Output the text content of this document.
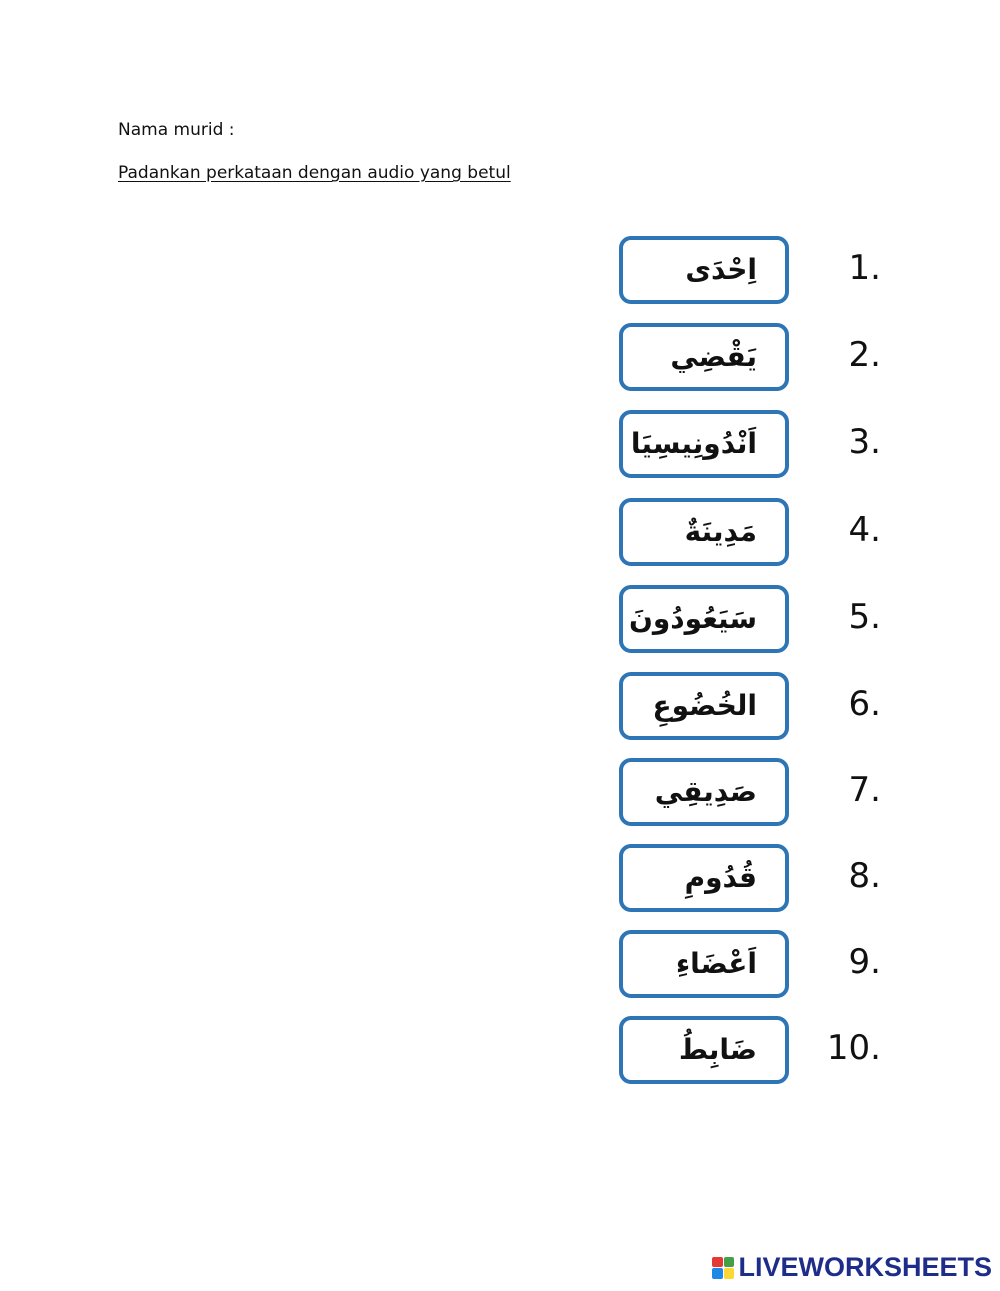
Nama murid :
Padankan perkataan dengan audio yang betul
اِحْدَى	1.
يَقْضِي	2.
اَنْدُونِيسِيَا	3.
مَدِينَةٌ	4.
سَيَعُودُونَ	5.
الخُضُوعِ	6.
صَدِيقِي	7.
قُدُومِ	8.
اَعْضَاءِ	9.
ضَابِطُ 10.
LIVEWORKSHEETS
